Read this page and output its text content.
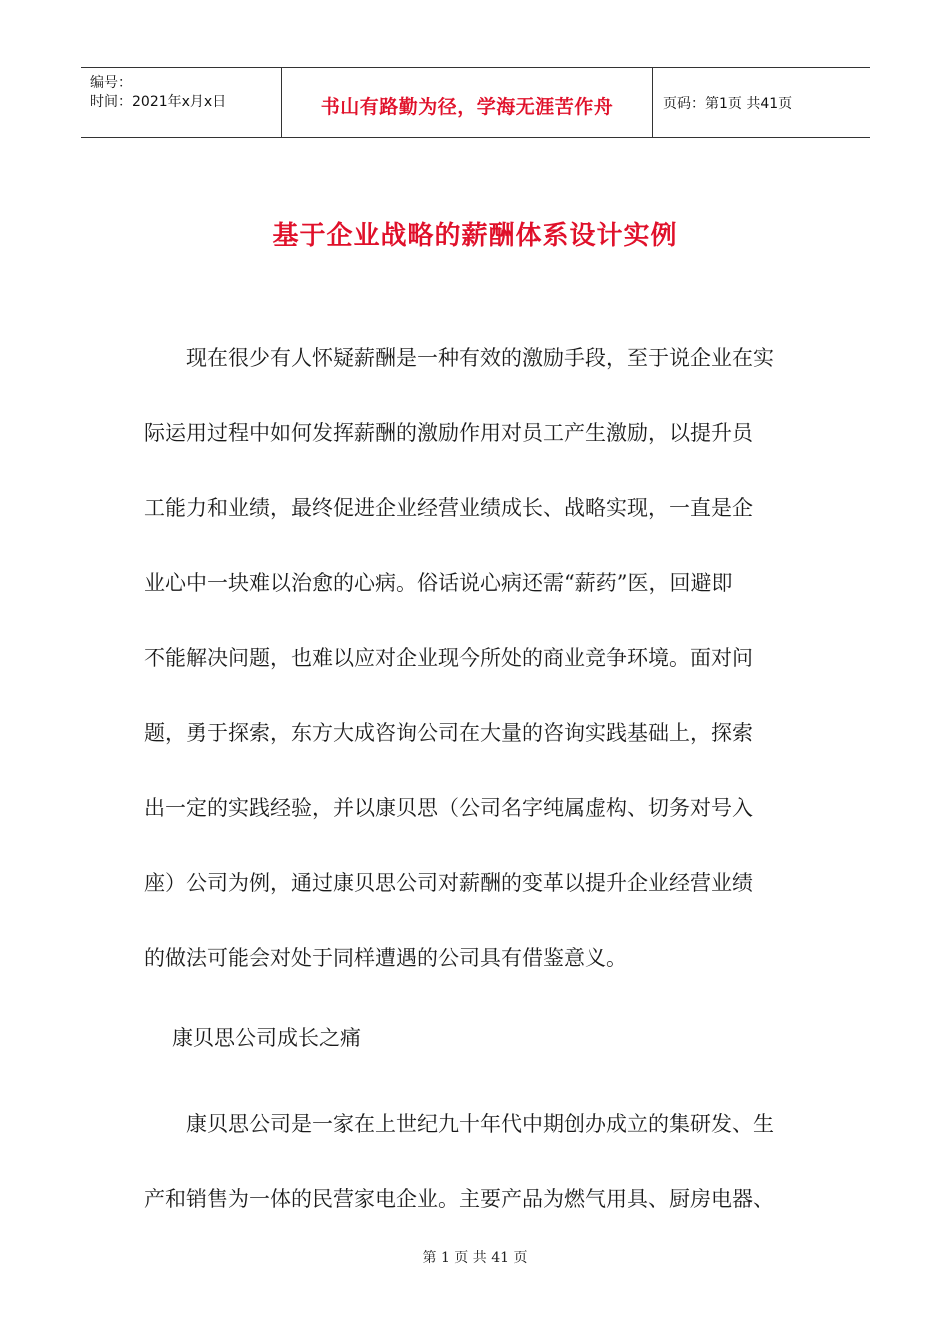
编号：
时间：2021年x月x日	书山有路勤为径，学海无涯苦作舟	页码：第1页 共41页
基于企业战略的薪酬体系设计实例
　　现在很少有人怀疑薪酬是一种有效的激励手段，至于说企业在实
际运用过程中如何发挥薪酬的激励作用对员工产生激励，以提升员
工能力和业绩，最终促进企业经营业绩成长、战略实现，一直是企
业心中一块难以治愈的心病。俗话说心病还需“薪药”医，回避即
不能解决问题，也难以应对企业现今所处的商业竞争环境。面对问
题，勇于探索，东方大成咨询公司在大量的咨询实践基础上，探索
出一定的实践经验，并以康贝思（公司名字纯属虚构、切务对号入
座）公司为例，通过康贝思公司对薪酬的变革以提升企业经营业绩
的做法可能会对处于同样遭遇的公司具有借鉴意义。
康贝思公司成长之痛
　　康贝思公司是一家在上世纪九十年代中期创办成立的集研发、生
产和销售为一体的民营家电企业。主要产品为燃气用具、厨房电器、
第 1 页 共 41 页
